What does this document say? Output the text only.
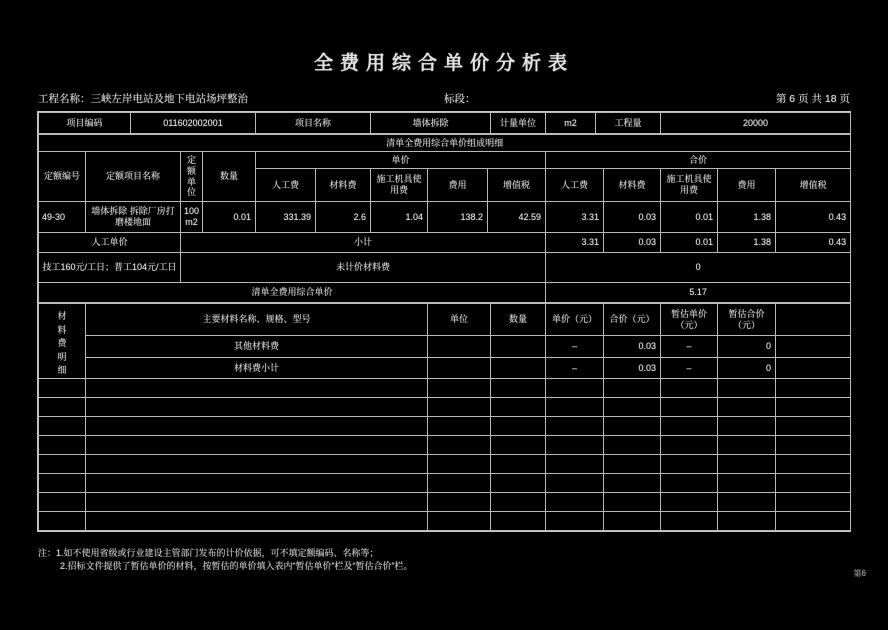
全费用综合单价分析表
工程名称：三峡左岸电站及地下电站场坪整治	标段：	第 6 页 共 18 页
项目编码	011602002001	项目名称	墙体拆除	计量单位	m2	工程量	20000
清单全费用综合单价组成明细													
定额编号	定额项目名称	定额单位	数量	单价					合价				
				人工费	材料费	施工机具使用费	费用	增值税	人工费	材料费	施工机具使用费	费用	增值税
49-30	墙体拆除 拆除厂房打磨楼地面	100m2	0.01	331.39	2.6	1.04	138.2	42.59	3.31	0.03	0.01	1.38	0.43
人工单价		小计							3.31	0.03	0.01	1.38	0.43
技工160元/工日；普工104元/工日		未计价材料费							0				
清单全费用综合单价									5.17				
材料费明细	主要材料名称、规格、型号	单位	数量	单价（元）	合价（元）	暂估单价（元）	暂估合价（元）	
	其他材料费			–	0.03	–	0	
	材料费小计			–	0.03	–	0	

注： 1.如不使用省级或行业建设主管部门发布的计价依据，可不填定额编码、名称等；
2.招标文件提供了暂估单价的材料，按暂估的单价填入表内“暂估单价”栏及“暂估合价”栏。
第6
